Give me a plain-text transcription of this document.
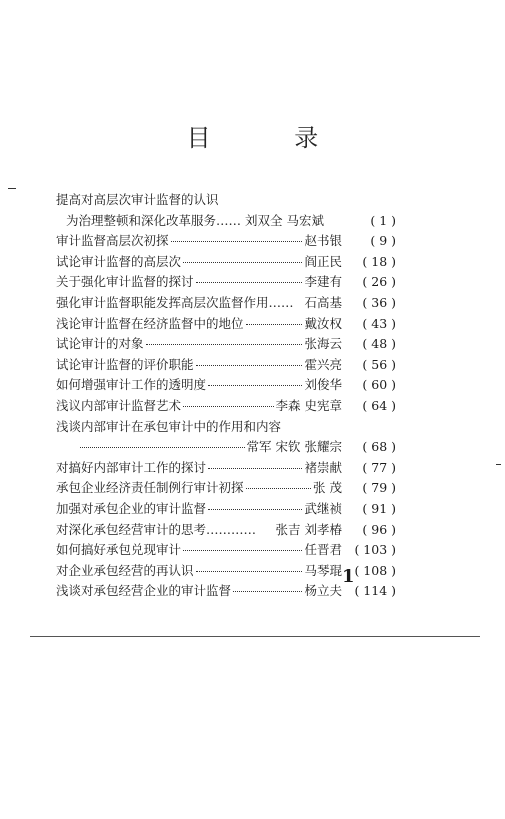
目 录
提高对高层次审计监督的认识
为治理整顿和深化改革服务…… 刘双全 马宏斌	( 1 )
审计监督高层次初探	赵书银	( 9 )
试论审计监督的高层次	阎正民	( 18 )
关于强化审计监督的探讨	李建有	( 26 )
强化审计监督职能发挥高层次监督作用…… 石高基	( 36 )
浅论审计监督在经济监督中的地位	戴汝权	( 43 )
试论审计的对象	张海云	( 48 )
试论审计监督的评价职能	霍兴亮	( 56 )
如何增强审计工作的透明度	刘俊华	( 60 )
浅议内部审计监督艺术	李森 史宪章	( 64 )
浅谈内部审计在承包审计中的作用和内容
常军 宋钦 张耀宗	( 68 )
对搞好内部审计工作的探讨	褚崇献	( 77 )
承包企业经济责任制例行审计初探	张 茂	( 79 )
加强对承包企业的审计监督	武继祯	( 91 )
对深化承包经营审计的思考………… 张吉 刘孝椿	( 96 )
如何搞好承包兑现审计	任晋君 ( 103 )
对企业承包经营的再认识	马琴琨 ( 108 )
浅谈对承包经营企业的审计监督	杨立夫 ( 114 )
1
